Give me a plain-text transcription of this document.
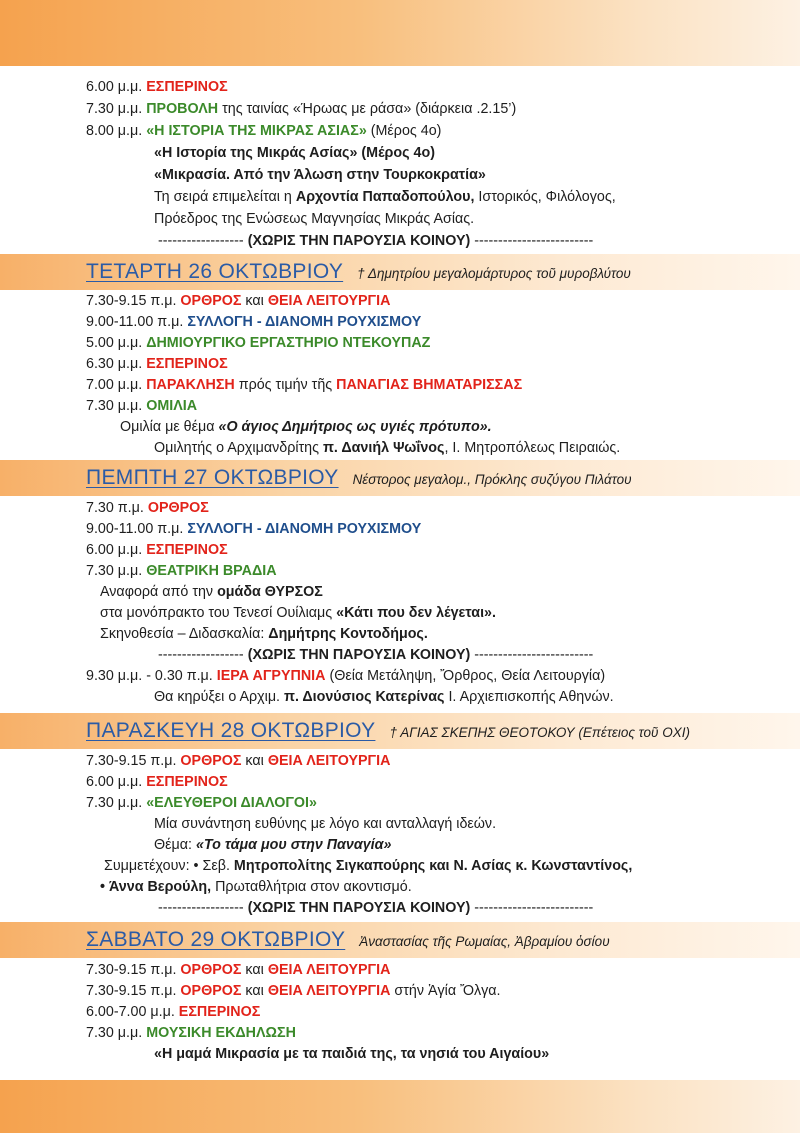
6.00 μ.μ. ΕΣΠΕΡΙΝΟΣ
7.30 μ.μ. ΠΡΟΒΟΛΗ της ταινίας «Ήρωας με ράσα» (διάρκεια .2.15’)
8.00 μ.μ. «Η ΙΣΤΟΡΙΑ ΤΗΣ ΜΙΚΡΑΣ ΑΣΙΑΣ» (Μέρος 4ο)
«Η Ιστορία της Μικράς Ασίας» (Μέρος 4ο)
«Μικρασία. Από την Άλωση στην Τουρκοκρατία»
Τη σειρά επιμελείται η Αρχοντία Παπαδοπούλου, Ιστορικός, Φιλόλογος,
Πρόεδρος της Ενώσεως Μαγνησίας Μικράς Ασίας.
------------------ (ΧΩΡΙΣ ΤΗΝ ΠΑΡΟΥΣΙΑ ΚΟΙΝΟΥ) -------------------------
ΤΕΤΑΡΤΗ 26 ΟΚΤΩΒΡΙΟΥ † Δημητρίου μεγαλομάρτυρος τοῦ μυροβλύτου
7.30-9.15 π.μ. ΟΡΘΡΟΣ και ΘΕΙΑ ΛΕΙΤΟΥΡΓΙΑ
9.00-11.00 π.μ. ΣΥΛΛΟΓΗ - ΔΙΑΝΟΜΗ ΡΟΥΧΙΣΜΟΥ
5.00 μ.μ. ΔΗΜΙΟΥΡΓΙΚΟ ΕΡΓΑΣΤΗΡΙΟ ΝΤΕΚΟΥΠΑΖ
6.30 μ.μ. ΕΣΠΕΡΙΝΟΣ
7.00 μ.μ. ΠΑΡΑΚΛΗΣΗ πρός τιμήν τῆς ΠΑΝΑΓΙΑΣ ΒΗΜΑΤΑΡΙΣΣΑΣ
7.30 μ.μ. ΟΜΙΛΙΑ
Ομιλία με θέμα «Ο άγιος Δημήτριος ως υγιές πρότυπο».
Ομιλητής ο Αρχιμανδρίτης π. Δανιήλ Ψωΐνος, Ι. Μητροπόλεως Πειραιώς.
ΠΕΜΠΤΗ 27 ΟΚΤΩΒΡΙΟΥ Νέστορος μεγαλομ., Πρόκλης συζύγου Πιλάτου
7.30 π.μ. ΟΡΘΡΟΣ
9.00-11.00 π.μ. ΣΥΛΛΟΓΗ - ΔΙΑΝΟΜΗ ΡΟΥΧΙΣΜΟΥ
6.00 μ.μ. ΕΣΠΕΡΙΝΟΣ
7.30 μ.μ. ΘΕΑΤΡΙΚΗ ΒΡΑΔΙΑ
Αναφορά από την ομάδα ΘΥΡΣΟΣ
στα μονόπρακτο του Τενεσί Ουίλιαμς «Κάτι που δεν λέγεται».
Σκηνοθεσία – Διδασκαλία: Δημήτρης Κοντοδήμος.
------------------ (ΧΩΡΙΣ ΤΗΝ ΠΑΡΟΥΣΙΑ ΚΟΙΝΟΥ) -------------------------
9.30 μ.μ. - 0.30 π.μ. ΙΕΡΑ ΑΓΡΥΠΝΙΑ (Θεία Μετάληψη, Ὄρθρος, Θεία Λειτουργία)
Θα κηρύξει ο Αρχιμ. π. Διονύσιος Κατερίνας Ι. Αρχιεπισκοπής Αθηνών.
ΠΑΡΑΣΚΕΥΗ 28 ΟΚΤΩΒΡΙΟΥ † ΑΓΙΑΣ ΣΚΕΠΗΣ ΘΕΟΤΟΚΟΥ (Επέτειος τοῦ ΟΧΙ)
7.30-9.15 π.μ. ΟΡΘΡΟΣ και ΘΕΙΑ ΛΕΙΤΟΥΡΓΙΑ
6.00 μ.μ. ΕΣΠΕΡΙΝΟΣ
7.30 μ.μ. «ΕΛΕΥΘΕΡΟΙ ΔΙΑΛΟΓΟΙ»
Μία συνάντηση ευθύνης με λόγο και ανταλλαγή ιδεών.
Θέμα: «Το τάμα μου στην Παναγία»
Συμμετέχουν: • Σεβ. Μητροπολίτης Σιγκαπούρης και Ν. Ασίας κ. Κωνσταντίνος,
• Άννα Βερούλη, Πρωταθλήτρια στον ακοντισμό.
------------------ (ΧΩΡΙΣ ΤΗΝ ΠΑΡΟΥΣΙΑ ΚΟΙΝΟΥ) -------------------------
ΣΑΒΒΑΤΟ 29 ΟΚΤΩΒΡΙΟΥ Ἀναστασίας τῆς Ρωμαίας, Ἀβραμίου ὁσίου
7.30-9.15 π.μ. ΟΡΘΡΟΣ και ΘΕΙΑ ΛΕΙΤΟΥΡΓΙΑ
7.30-9.15 π.μ. ΟΡΘΡΟΣ και ΘΕΙΑ ΛΕΙΤΟΥΡΓΙΑ στήν Ἁγία Ὄλγα.
6.00-7.00 μ.μ. ΕΣΠΕΡΙΝΟΣ
7.30 μ.μ. ΜΟΥΣΙΚΗ ΕΚΔΗΛΩΣΗ
«Η μαμά Μικρασία με τα παιδιά της, τα νησιά του Αιγαίου»
